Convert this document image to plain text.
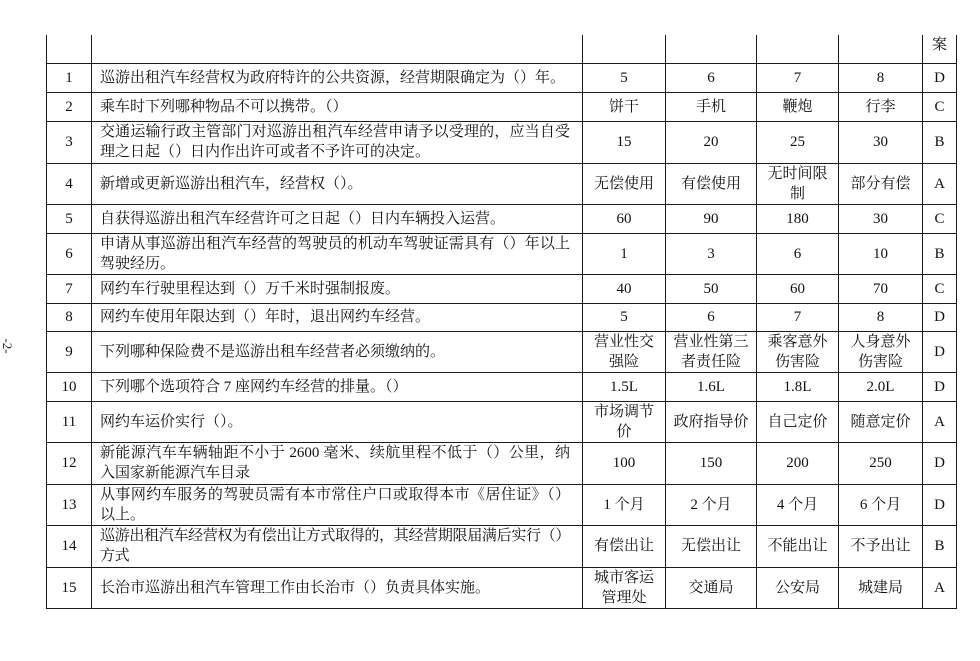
-2-
						案
1	巡游出租汽车经营权为政府特许的公共资源，经营期限确定为（）年。	5	6	7	8	D
2	乘车时下列哪种物品不可以携带。（）	饼干	手机	鞭炮	行李	C
3	交通运输行政主管部门对巡游出租汽车经营申请予以受理的，应当自受理之日起（）日内作出许可或者不予许可的决定。	15	20	25	30	B
4	新增或更新巡游出租汽车，经营权（）。	无偿使用	有偿使用	无时间限制	部分有偿	A
5	自获得巡游出租汽车经营许可之日起（）日内车辆投入运营。	60	90	180	30	C
6	申请从事巡游出租汽车经营的驾驶员的机动车驾驶证需具有（）年以上驾驶经历。	1	3	6	10	B
7	网约车行驶里程达到（）万千米时强制报废。	40	50	60	70	C
8	网约车使用年限达到（）年时，退出网约车经营。	5	6	7	8	D
9	下列哪种保险费不是巡游出租车经营者必须缴纳的。	营业性交强险	营业性第三者责任险	乘客意外伤害险	人身意外伤害险	D
10	下列哪个选项符合 7 座网约车经营的排量。（）	1.5L	1.6L	1.8L	2.0L	D
11	网约车运价实行（）。	市场调节价	政府指导价	自己定价	随意定价	A
12	新能源汽车车辆轴距不小于 2600 毫米、续航里程不低于（）公里，纳入国家新能源汽车目录	100	150	200	250	D
13	从事网约车服务的驾驶员需有本市常住户口或取得本市《居住证》（）以上。	1 个月	2 个月	4 个月	6 个月	D
14	巡游出租汽车经营权为有偿出让方式取得的，其经营期限届满后实行（）方式	有偿出让	无偿出让	不能出让	不予出让	B
15	长治市巡游出租汽车管理工作由长治市（）负责具体实施。	城市客运管理处	交通局	公安局	城建局	A
